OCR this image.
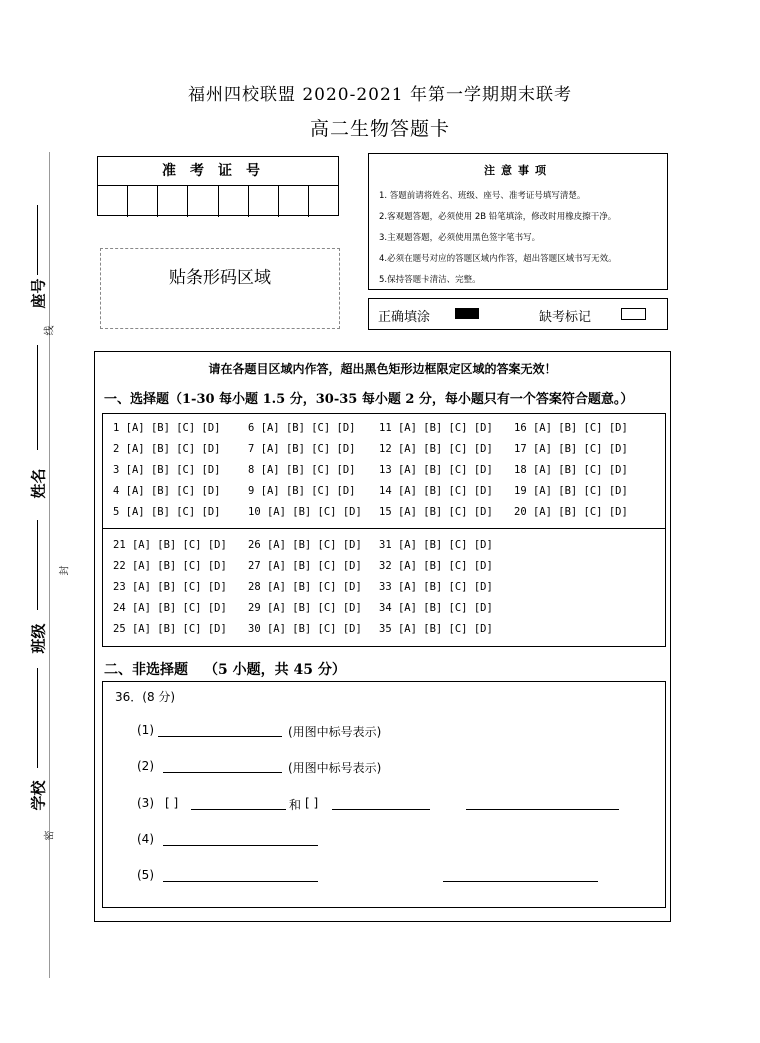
福州四校联盟 2020-2021 年第一学期期末联考
高二生物答题卡
座号
线
姓名
封
班级
学校
密
准考证号
贴条形码区域
注意事项
1. 答题前请将姓名、班级、座号、准考证号填写清楚。
2.客观题答题，必须使用 2B 铅笔填涂，修改时用橡皮擦干净。
3.主观题答题，必须使用黑色签字笔书写。
4.必须在题号对应的答题区域内作答，超出答题区域书写无效。
5.保持答题卡清洁、完整。
正确填涂	缺考标记
请在各题目区域内作答，超出黑色矩形边框限定区域的答案无效！
一、选择题（1-30 每小题 1.5 分，30-35 每小题 2 分，每小题只有一个答案符合题意。）
1 [A] [B] [C] [D]
2 [A] [B] [C] [D]
3 [A] [B] [C] [D]
4 [A] [B] [C] [D]
5 [A] [B] [C] [D]
6 [A] [B] [C] [D]
7 [A] [B] [C] [D]
8 [A] [B] [C] [D]
9 [A] [B] [C] [D]
10 [A] [B] [C] [D]
11 [A] [B] [C] [D]
12 [A] [B] [C] [D]
13 [A] [B] [C] [D]
14 [A] [B] [C] [D]
15 [A] [B] [C] [D]
16 [A] [B] [C] [D]
17 [A] [B] [C] [D]
18 [A] [B] [C] [D]
19 [A] [B] [C] [D]
20 [A] [B] [C] [D]
21 [A] [B] [C] [D]
22 [A] [B] [C] [D]
23 [A] [B] [C] [D]
24 [A] [B] [C] [D]
25 [A] [B] [C] [D]
26 [A] [B] [C] [D]
27 [A] [B] [C] [D]
28 [A] [B] [C] [D]
29 [A] [B] [C] [D]
30 [A] [B] [C] [D]
31 [A] [B] [C] [D]
32 [A] [B] [C] [D]
33 [A] [B] [C] [D]
34 [A] [B] [C] [D]
35 [A] [B] [C] [D]
二、非选择题 （5 小题，共 45 分）
36．(8 分)
(1)	(用图中标号表示)
(2)	(用图中标号表示)
(3) [ ]	和 [ ]
(4)
(5)
